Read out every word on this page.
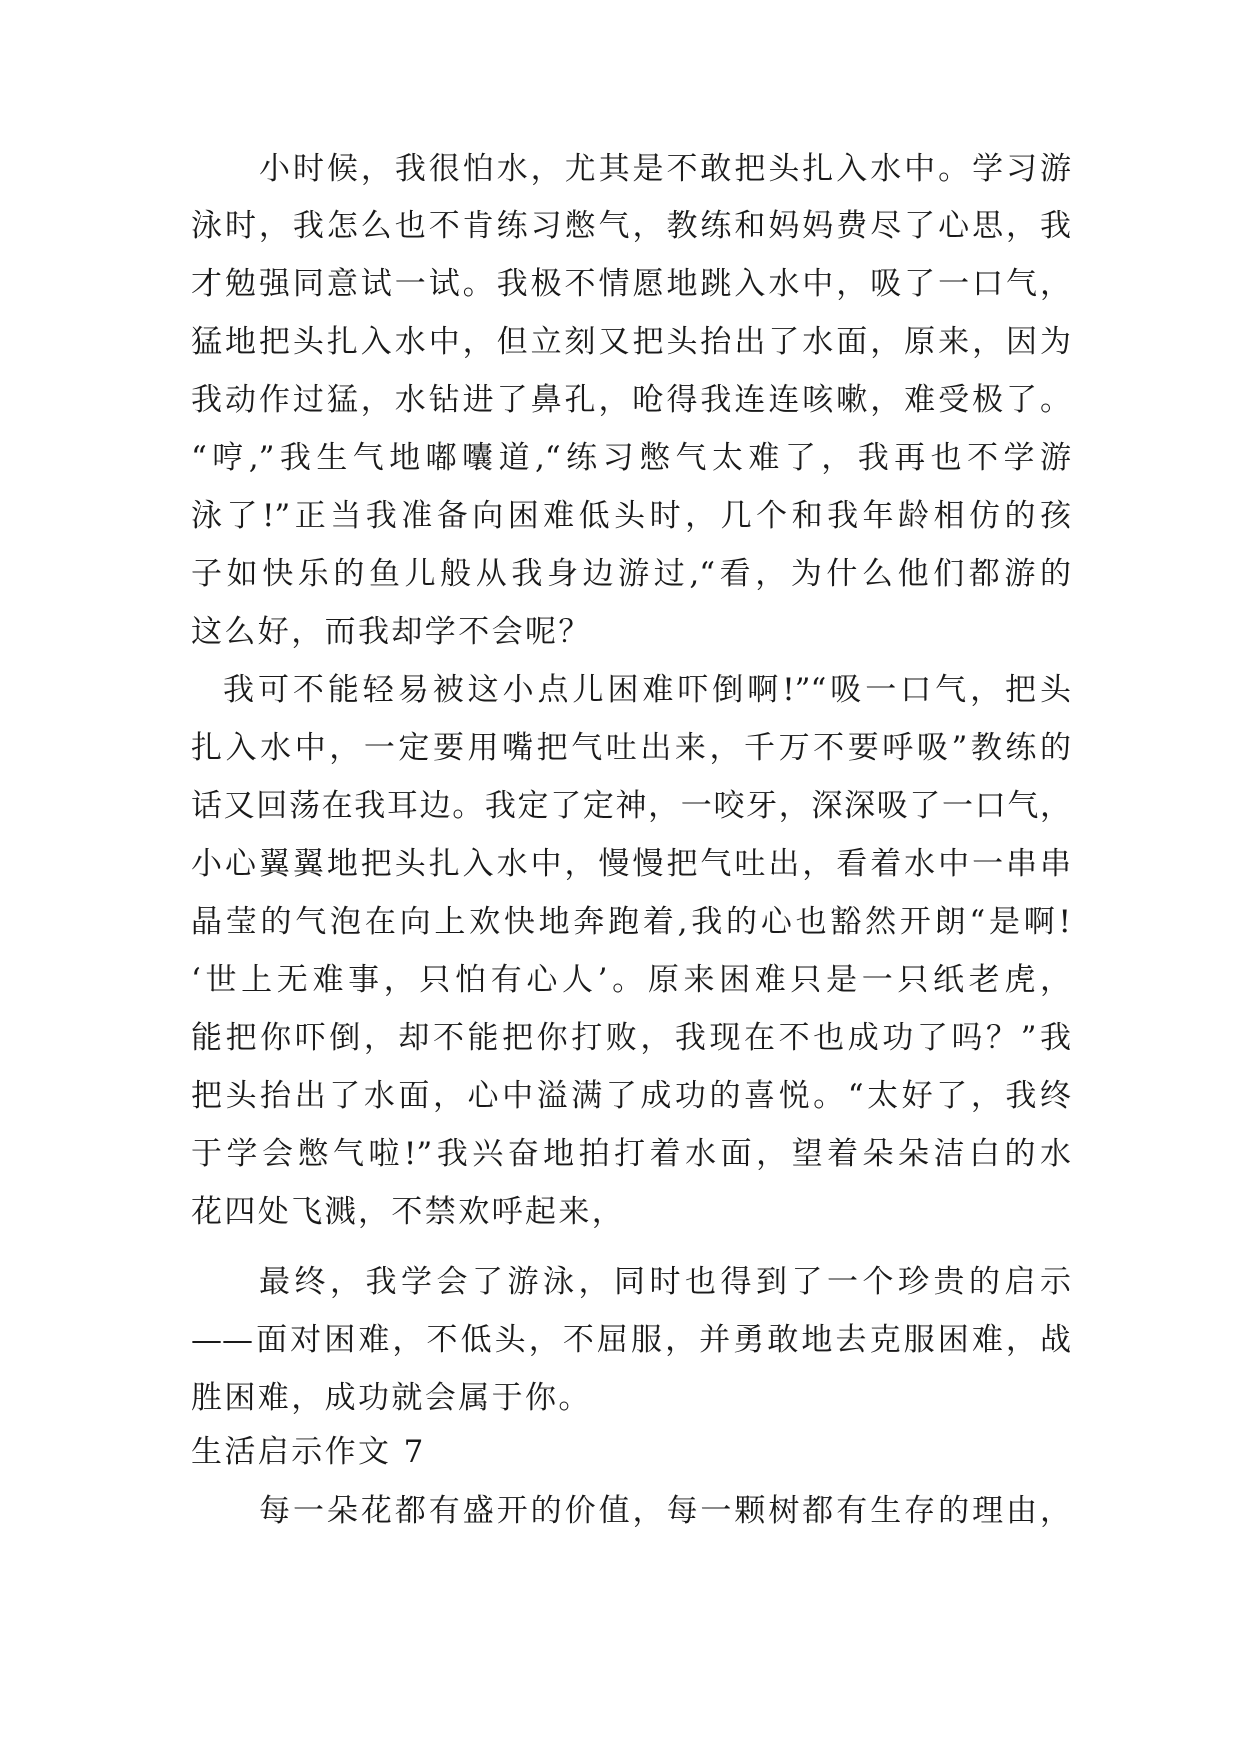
小时候，我很怕水，尤其是不敢把头扎入水中。学习游

泳时，我怎么也不肯练习憋气，教练和妈妈费尽了心思，我

才勉强同意试一试。我极不情愿地跳入水中，吸了一口气，

猛地把头扎入水中，但立刻又把头抬出了水面，原来，因为

我动作过猛，水钻进了鼻孔，呛得我连连咳嗽，难受极了。

“哼,”我生气地嘟囔道,“练习憋气太难了，我再也不学游

泳了!”正当我准备向困难低头时，几个和我年龄相仿的孩

子如快乐的鱼儿般从我身边游过,“看，为什么他们都游的

这么好，而我却学不会呢？

我可不能轻易被这小点儿困难吓倒啊!”“吸一口气，把头

扎入水中，一定要用嘴把气吐出来，千万不要呼吸”教练的

话又回荡在我耳边。我定了定神，一咬牙，深深吸了一口气，

小心翼翼地把头扎入水中，慢慢把气吐出，看着水中一串串

晶莹的气泡在向上欢快地奔跑着,我的心也豁然开朗“是啊!

‘世上无难事，只怕有心人’。原来困难只是一只纸老虎，

能把你吓倒，却不能把你打败，我现在不也成功了吗？”我

把头抬出了水面，心中溢满了成功的喜悦。“太好了，我终

于学会憋气啦!”我兴奋地拍打着水面，望着朵朵洁白的水

花四处飞溅，不禁欢呼起来，

最终，我学会了游泳，同时也得到了一个珍贵的启示

——面对困难，不低头，不屈服，并勇敢地去克服困难，战

胜困难，成功就会属于你。

生活启示作文 7

每一朵花都有盛开的价值，每一颗树都有生存的理由，
